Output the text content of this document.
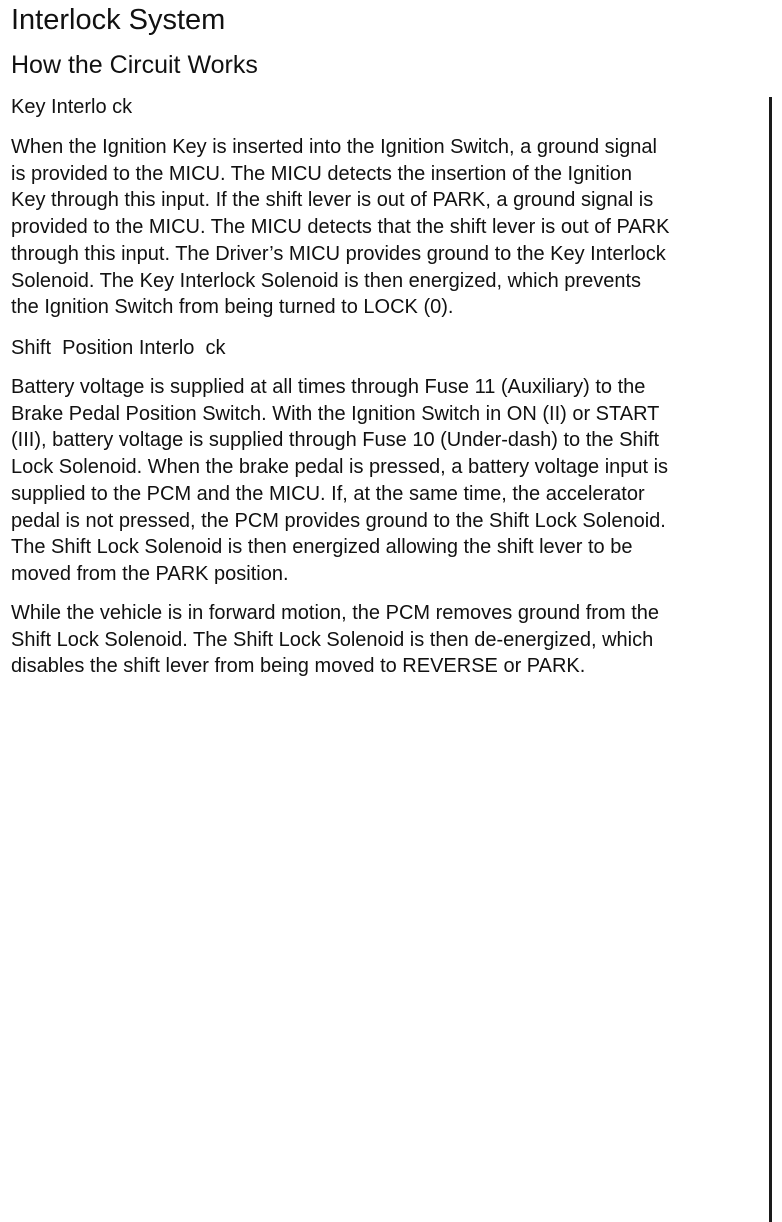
Interlock System
How the Circuit Works
Key Interlo ck

When the Ignition Key is inserted into the Ignition Switch, a ground signal
is provided to the MICU. The MICU detects the insertion of the Ignition
Key through this input. If the shift lever is out of PARK, a ground signal is
provided to the MICU. The MICU detects that the shift lever is out of PARK
through this input. The Driver’s MICU provides ground to the Key Interlock
Solenoid. The Key Interlock Solenoid is then energized, which prevents
the Ignition Switch from being turned to LOCK (0).

Shift  Position Interlo  ck

Battery voltage is supplied at all times through Fuse 11 (Auxiliary) to the
Brake Pedal Position Switch. With the Ignition Switch in ON (II) or START
(III), battery voltage is supplied through Fuse 10 (Under-dash) to the Shift
Lock Solenoid. When the brake pedal is pressed, a battery voltage input is
supplied to the PCM and the MICU. If, at the same time, the accelerator
pedal is not pressed, the PCM provides ground to the Shift Lock Solenoid.
The Shift Lock Solenoid is then energized allowing the shift lever to be
moved from the PARK position.

While the vehicle is in forward motion, the PCM removes ground from the
Shift Lock Solenoid. The Shift Lock Solenoid is then de-energized, which
disables the shift lever from being moved to REVERSE or PARK.
